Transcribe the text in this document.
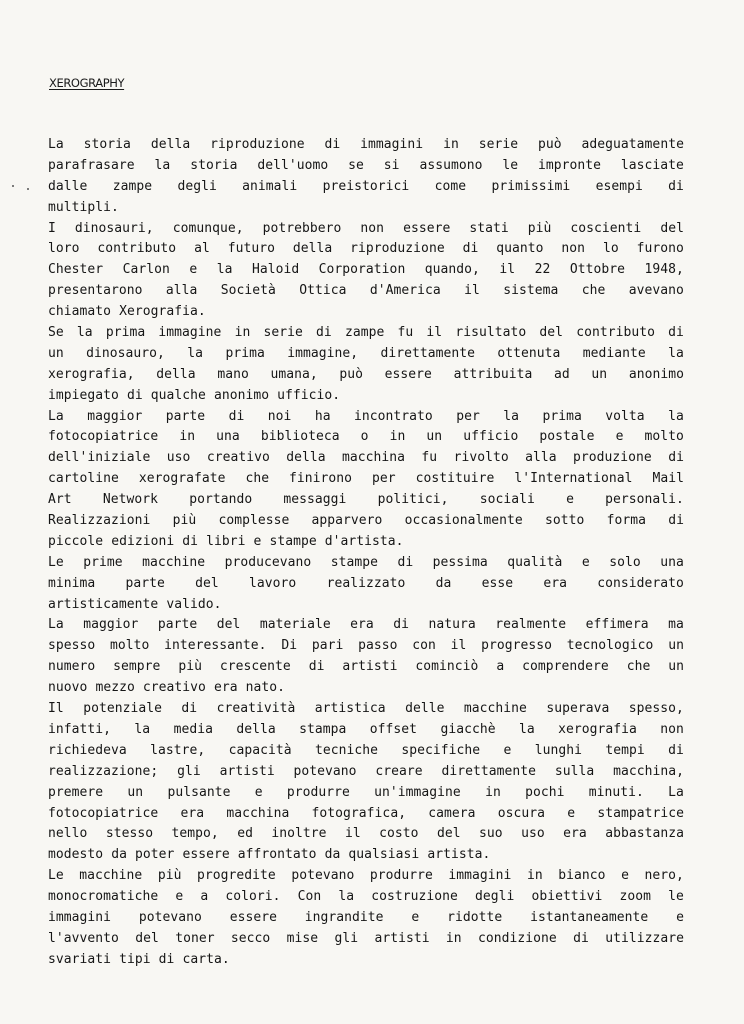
XEROGRAPHY
La storia della riproduzione di immagini in serie può adeguatamente
parafrasare la storia dell'uomo se si assumono le impronte lasciate
dalle zampe degli animali preistorici come primissimi esempi di
multipli.
I dinosauri, comunque, potrebbero non essere stati più coscienti del
loro contributo al futuro della riproduzione di quanto non lo furono
Chester Carlon e la Haloid Corporation quando, il 22 Ottobre 1948,
presentarono alla Società Ottica d'America il sistema che avevano
chiamato Xerografia.
Se la prima immagine in serie di zampe fu il risultato del contributo di
un dinosauro, la prima immagine, direttamente ottenuta mediante la
xerografia, della mano umana, può essere attribuita ad un anonimo
impiegato di qualche anonimo ufficio.
La maggior parte di noi ha incontrato per la prima volta la
fotocopiatrice in una biblioteca o in un ufficio postale e molto
dell'iniziale uso creativo della macchina fu rivolto alla produzione di
cartoline xerografate che finirono per costituire l'International Mail
Art Network portando messaggi politici, sociali e personali.
Realizzazioni più complesse apparvero occasionalmente sotto forma di
piccole edizioni di libri e stampe d'artista.
Le prime macchine producevano stampe di pessima qualità e solo una
minima parte del lavoro realizzato da esse era considerato
artisticamente valido.
La maggior parte del materiale era di natura realmente effimera ma
spesso molto interessante. Di pari passo con il progresso tecnologico un
numero sempre più crescente di artisti cominciò a comprendere che un
nuovo mezzo creativo era nato.
Il potenziale di creatività artistica delle macchine superava spesso,
infatti, la media della stampa offset giacchè la xerografia non
richiedeva lastre, capacità tecniche specifiche e lunghi tempi di
realizzazione; gli artisti potevano creare direttamente sulla macchina,
premere un pulsante e produrre un'immagine in pochi minuti. La
fotocopiatrice era macchina fotografica, camera oscura e stampatrice
nello stesso tempo, ed inoltre il costo del suo uso era abbastanza
modesto da poter essere affrontato da qualsiasi artista.
Le macchine più progredite potevano produrre immagini in bianco e nero,
monocromatiche e a colori. Con la costruzione degli obiettivi zoom le
immagini potevano essere ingrandite e ridotte istantaneamente e
l'avvento del toner secco mise gli artisti in condizione di utilizzare
svariati tipi di carta.
